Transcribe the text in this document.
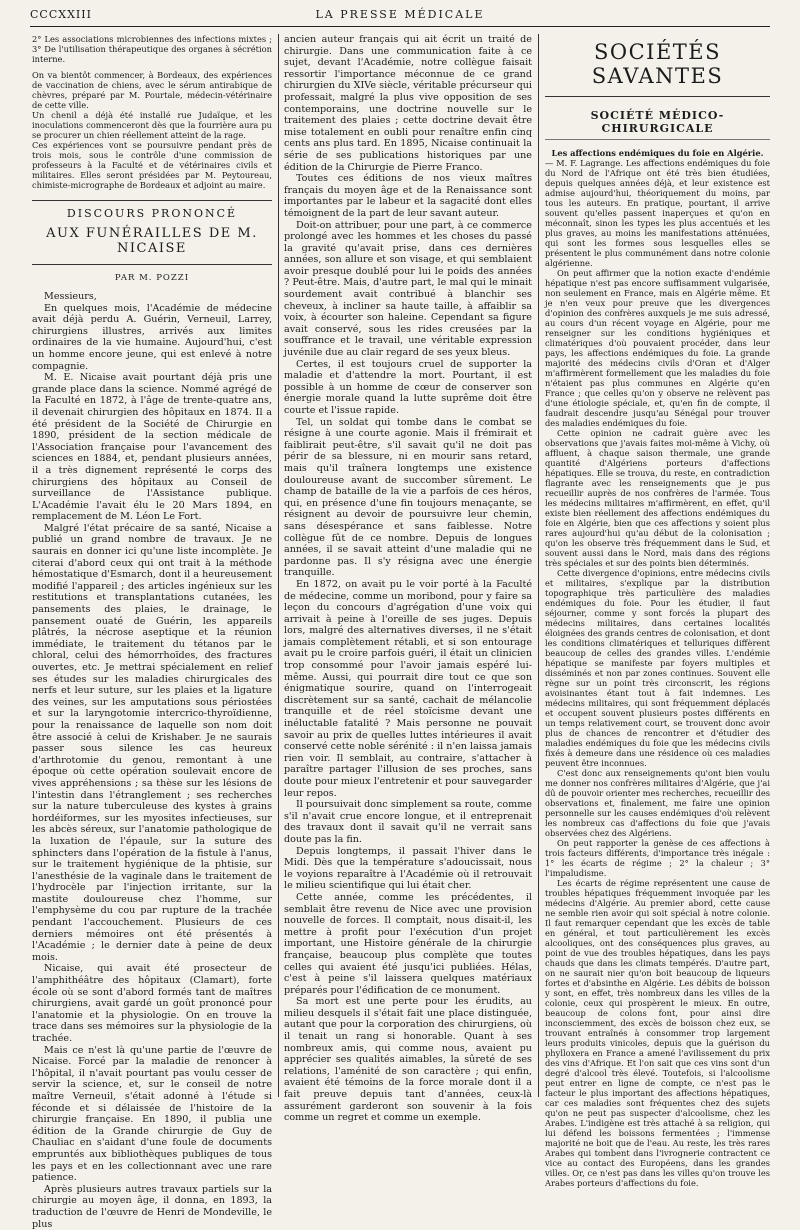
CCCXXIII	LA PRESSE MÉDICALE

2° Les associations microbiennes des infections mixtes ; 3° De l'utilisation thérapeutique des organes à sécrétion interne.

On va bientôt commencer, à Bordeaux, des expériences de vaccination de chiens, avec le sérum antirabique de chèvres, préparé par M. Pourtale, médecin-vétérinaire de cette ville.

Un chenil a déjà été installé rue Judaïque, et les inoculations commenceront dès que la fourrière aura pu se procurer un chien réellement atteint de la rage.

Ces expériences vont se poursuivre pendant près de trois mois, sous le contrôle d'une commission de professeurs à la Faculté et de vétérinaires civils et militaires. Elles seront présidées par M. Peytoureau, chimiste-micrographe de Bordeaux et adjoint au maire.

DISCOURS PRONONCÉ
AUX FUNÉRAILLES DE M. NICAISE
PAR M. POZZI

Messieurs,

En quelques mois, l'Académie de médecine avait déjà perdu A. Guérin, Verneuil, Larrey, chirurgiens illustres, arrivés aux limites ordinaires de la vie humaine. Aujourd'hui, c'est un homme encore jeune, qui est enlevé à notre compagnie.

M. E. Nicaise avait pourtant déjà pris une grande place dans la science. Nommé agrégé de la Faculté en 1872, à l'âge de trente-quatre ans, il devenait chirurgien des hôpitaux en 1874. Il a été président de la Société de Chirurgie en 1890, président de la section médicale de l'Association française pour l'avancement des sciences en 1884, et, pendant plusieurs années, il a très dignement représenté le corps des chirurgiens des hôpitaux au Conseil de surveillance de l'Assistance publique. L'Académie l'avait élu le 20 Mars 1894, en remplacement de M. Léon Le Fort.

Malgré l'état précaire de sa santé, Nicaise a publié un grand nombre de travaux. Je ne saurais en donner ici qu'une liste incomplète. Je citerai d'abord ceux qui ont trait à la méthode hémostatique d'Esmarch, dont il a heureusement modifié l'appareil ; des articles ingénieux sur les restitutions et transplantations cutanées, les pansements des plaies, le drainage, le pansement ouaté de Guérin, les appareils plâtrés, la nécrose aseptique et la réunion immédiate, le traitement du tétanos par le chloral, celui des hémorrhoïdes, des fractures ouvertes, etc. Je mettrai spécialement en relief ses études sur les maladies chirurgicales des nerfs et leur suture, sur les plaies et la ligature des veines, sur les amputations sous périostées et sur la laryngotomie intercrico-thyroïdienne, pour la renaissance de laquelle son nom doit être associé à celui de Krishaber. Je ne saurais passer sous silence les cas heureux d'arthrotomie du genou, remontant à une époque où cette opération soulevait encore de vives appréhensions ; sa thèse sur les lésions de l'intestin dans l'étranglement ; ses recherches sur la nature tuberculeuse des kystes à grains hordéiformes, sur les myosites infectieuses, sur les abcès séreux, sur l'anatomie pathologique de la luxation de l'épaule, sur la suture des sphincters dans l'opération de la fistule à l'anus, sur le traitement hygiénique de la phtisie, sur l'anesthésie de la vaginale dans le traitement de l'hydrocèle par l'injection irritante, sur la mastite douloureuse chez l'homme, sur l'emphysème du cou par rupture de la trachée pendant l'accouchement. Plusieurs de ces derniers mémoires ont été présentés à l'Académie ; le dernier date à peine de deux mois.

Nicaise, qui avait été prosecteur de l'amphithéâtre des hôpitaux (Clamart), forte école où se sont d'abord formés tant de maîtres chirurgiens, avait gardé un goût prononcé pour l'anatomie et la physiologie. On en trouve la trace dans ses mémoires sur la physiologie de la trachée.

Mais ce n'est là qu'une partie de l'œuvre de Nicaise. Forcé par la maladie de renoncer à l'hôpital, il n'avait pourtant pas voulu cesser de servir la science, et, sur le conseil de notre maître Verneuil, s'était adonné à l'étude si féconde et si délaissée de l'histoire de la chirurgie française. En 1890, il publia une édition de la Grande chirurgie de Guy de Chauliac en s'aidant d'une foule de documents empruntés aux bibliothèques publiques de tous les pays et en les collectionnant avec une rare patience.

Après plusieurs autres travaux partiels sur la chirurgie au moyen âge, il donna, en 1893, la traduction de l'œuvre de Henri de Mondeville, le plus

ancien auteur français qui ait écrit un traité de chirurgie. Dans une communication faite à ce sujet, devant l'Académie, notre collègue faisait ressortir l'importance méconnue de ce grand chirurgien du XIVe siècle, véritable précurseur qui professait, malgré la plus vive opposition de ses contemporains, une doctrine nouvelle sur le traitement des plaies ; cette doctrine devait être mise totalement en oubli pour renaître enfin cinq cents ans plus tard. En 1895, Nicaise continuait la série de ses publications historiques par une édition de la Chirurgie de Pierre Franco.

Toutes ces éditions de nos vieux maîtres français du moyen âge et de la Renaissance sont importantes par le labeur et la sagacité dont elles témoignent de la part de leur savant auteur.

Doit-on attribuer, pour une part, à ce commerce prolongé avec les hommes et les choses du passé la gravité qu'avait prise, dans ces dernières années, son allure et son visage, et qui semblaient avoir presque doublé pour lui le poids des années ? Peut-être. Mais, d'autre part, le mal qui le minait sourdement avait contribué à blanchir ses cheveux, à incliner sa haute taille, à affaiblir sa voix, à écourter son haleine. Cependant sa figure avait conservé, sous les rides creusées par la souffrance et le travail, une véritable expression juvénile due au clair regard de ses yeux bleus.

Certes, il est toujours cruel de supporter la maladie et d'attendre la mort. Pourtant, il est possible à un homme de cœur de conserver son énergie morale quand la lutte suprême doit être courte et l'issue rapide.

Tel, un soldat qui tombe dans le combat se résigne à une courte agonie. Mais il frémirait et faiblirait peut-être, s'il savait qu'il ne doit pas périr de sa blessure, ni en mourir sans retard, mais qu'il traînera longtemps une existence douloureuse avant de succomber sûrement. Le champ de bataille de la vie a parfois de ces héros, qui, en présence d'une fin toujours menaçante, se résignent au devoir de poursuivre leur chemin, sans désespérance et sans faiblesse. Notre collègue fût de ce nombre. Depuis de longues années, il se savait atteint d'une maladie qui ne pardonne pas. Il s'y résigna avec une énergie tranquille.

En 1872, on avait pu le voir porté à la Faculté de médecine, comme un moribond, pour y faire sa leçon du concours d'agrégation d'une voix qui arrivait à peine à l'oreille de ses juges. Depuis lors, malgré des alternatives diverses, il ne s'était jamais complètement rétabli, et si son entourage avait pu le croire parfois guéri, il était un clinicien trop consommé pour l'avoir jamais espéré lui-même. Aussi, qui pourrait dire tout ce que son énigmatique sourire, quand on l'interrogeait discrètement sur sa santé, cachait de mélancolie tranquille et de réel stoïcisme devant une inéluctable fatalité ? Mais personne ne pouvait savoir au prix de quelles luttes intérieures il avait conservé cette noble sérénité : il n'en laissa jamais rien voir. Il semblait, au contraire, s'attacher à paraître partager l'illusion de ses proches, sans doute pour mieux l'entretenir et pour sauvegarder leur repos.

Il poursuivait donc simplement sa route, comme s'il n'avait crue encore longue, et il entreprenait des travaux dont il savait qu'il ne verrait sans doute pas la fin.

Depuis longtemps, il passait l'hiver dans le Midi. Dès que la température s'adoucissait, nous le voyions reparaître à l'Académie où il retrouvait le milieu scientifique qui lui était cher.

Cette année, comme les précédentes, il semblait être revenu de Nice avec une provision nouvelle de forces. Il comptait, nous disait-il, les mettre à profit pour l'exécution d'un projet important, une Histoire générale de la chirurgie française, beaucoup plus complète que toutes celles qui avaient été jusqu'ici publiées. Hélas, c'est à peine s'il laissera quelques matériaux préparés pour l'édification de ce monument.

Sa mort est une perte pour les érudits, au milieu desquels il s'était fait une place distinguée, autant que pour la corporation des chirurgiens, où il tenait un rang si honorable. Quant à ses nombreux amis, qui comme nous, avaient pu apprécier ses qualités aimables, la sûreté de ses relations, l'aménité de son caractère ; qui enfin, avaient été témoins de la force morale dont il a fait preuve depuis tant d'années, ceux-là assurément garderont son souvenir à la fois comme un regret et comme un exemple.

SOCIÉTÉS SAVANTES
SOCIÉTÉ MÉDICO-CHIRURGICALE

Les affections endémiques du foie en Algérie.

— M. F. Lagrange. Les affections endémiques du foie du Nord de l'Afrique ont été très bien étudiées, depuis quelques années déjà, et leur existence est admise aujourd'hui, théoriquement du moins, par tous les auteurs. En pratique, pourtant, il arrive souvent qu'elles passent inaperçues et qu'on en méconnaît, sinon les types les plus accentués et les plus graves, au moins les manifestations atténuées, qui sont les formes sous lesquelles elles se présentent le plus communément dans notre colonie algérienne.

On peut affirmer que la notion exacte d'endémie hépatique n'est pas encore suffisamment vulgarisée, non seulement en France, mais en Algérie même. Et je n'en veux pour preuve que les divergences d'opinion des confrères auxquels je me suis adressé, au cours d'un récent voyage en Algérie, pour me renseigner sur les conditions hygiéniques et climatériques d'où pouvaient procéder, dans leur pays, les affections endémiques du foie. La grande majorité des médecins civils d'Oran et d'Alger m'affirmèrent formellement que les maladies du foie n'étaient pas plus communes en Algérie qu'en France ; que celles qu'on y observe ne relèvent pas d'une étiologie spéciale, et, qu'en fin de compte, il faudrait descendre jusqu'au Sénégal pour trouver des maladies endémiques du foie.

Cette opinion ne cadrait guère avec les observations que j'avais faites moi-même à Vichy, où affluent, à chaque saison thermale, une grande quantité d'Algériens porteurs d'affections hépatiques. Elle se trouva, du reste, en contradiction flagrante avec les renseignements que je pus recueillir auprès de nos confrères de l'armée. Tous les médecins militaires m'affirmèrent, en effet, qu'il existe bien réellement des affections endémiques du foie en Algérie, bien que ces affections y soient plus rares aujourd'hui qu'au début de la colonisation ; qu'on les observe très fréquemment dans le Sud, et souvent aussi dans le Nord, mais dans des régions très spéciales et sur des points bien déterminés.

Cette divergence d'opinions, entre médecins civils et militaires, s'explique par la distribution topographique très particulière des maladies endémiques du foie. Pour les étudier, il faut séjourner, comme y sont forcés la plupart des médecins militaires, dans certaines localités éloignées des grands centres de colonisation, et dont les conditions climatériques et telluriques diffèrent beaucoup de celles des grandes villes. L'endémie hépatique se manifeste par foyers multiples et disséminés et non par zones continues. Souvent elle règne sur un point très circonscrit, les régions avoisinantes étant tout à fait indemnes. Les médecins militaires, qui sont fréquemment déplacés et occupent souvent plusieurs postes différents en un temps relativement court, se trouvent donc avoir plus de chances de rencontrer et d'étudier des maladies endémiques du foie que les médecins civils fixés à demeure dans une résidence où ces maladies peuvent être inconnues.

C'est donc aux renseignements qu'ont bien voulu me donner nos confrères militaires d'Algérie, que j'ai dû de pouvoir orienter mes recherches, recueillir des observations et, finalement, me faire une opinion personnelle sur les causes endémiques d'où relèvent les nombreux cas d'affections du foie que j'avais observées chez des Algériens.

On peut rapporter la genèse de ces affections à trois facteurs différents, d'importance très inégale : 1° les écarts de régime ; 2° la chaleur ; 3° l'impaludisme.

Les écarts de régime représentent une cause de troubles hépatiques fréquemment invoquée par les médecins d'Algérie. Au premier abord, cette cause ne semble rien avoir qui soit spécial à notre colonie. Il faut remarquer cependant que les excès de table en général, et tout particulièrement les excès alcooliques, ont des conséquences plus graves, au point de vue des troubles hépatiques, dans les pays chauds que dans les climats tempérés. D'autre part, on ne saurait nier qu'on boit beaucoup de liqueurs fortes et d'absinthe en Algérie. Les débits de boisson y sont, en effet, très nombreux dans les villes de la colonie, ceux qui prospèrent le mieux. En outre, beaucoup de colons font, pour ainsi dire inconsciemment, des excès de boisson chez eux, se trouvant entraînés à consommer trop largement leurs produits vinicoles, depuis que la guérison du phylloxera en France a amené l'avilissement du prix des vins d'Afrique. Et l'on sait que ces vins sont d'un degré d'alcool très élevé. Toutefois, si l'alcoolisme peut entrer en ligne de compte, ce n'est pas le facteur le plus important des affections hépatiques, car ces maladies sont fréquentes chez des sujets qu'on ne peut pas suspecter d'alcoolisme, chez les Arabes. L'indigène est très attaché à sa religion, qui lui défend les boissons fermentées ; l'immense majorité ne boit que de l'eau. Au reste, les très rares Arabes qui tombent dans l'ivrognerie contractent ce vice au contact des Européens, dans les grandes villes. Or, ce n'est pas dans les villes qu'on trouve les Arabes porteurs d'affections du foie.
